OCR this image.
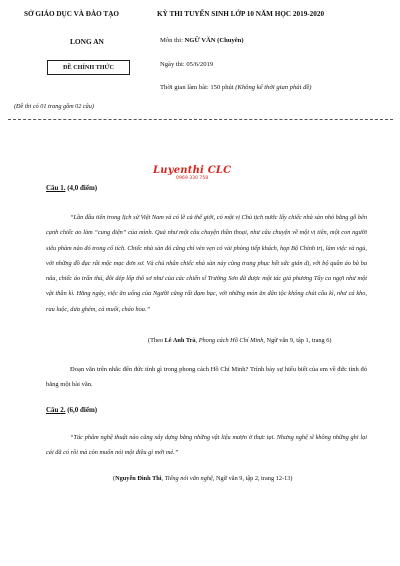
SỞ GIÁO DỤC VÀ ĐÀO TẠO	KỲ THI TUYỂN SINH LỚP 10 NĂM HỌC 2019-2020
LONG AN
ĐỀ CHÍNH THỨC
Môn thi: NGỮ VĂN (Chuyên)
Ngày thi: 05/6/2019
Thời gian làm bài: 150 phút (Không kể thời gian phát đề)
(Đề thi có 01 trang gồm 02 câu)
Luyenthi CLC
0969 330 758
Câu 1. (4,0 điểm)
“Lần đầu tiên trong lịch sử Việt Nam và có lẽ cả thế giới, có một vị Chủ tịch nước lấy chiếc nhà sàn nhỏ bằng gỗ bên cạnh chiếc ao làm “cung điện” của mình. Quả như một câu chuyện thần thoại, như câu chuyện về một vị tiên, một con người siêu phàm nào đó trong cổ tích. Chiếc nhà sàn đó cũng chỉ vẻn vẹn có vài phòng tiếp khách, họp Bộ Chính trị, làm việc và ngủ, với những đồ đạc rất mộc mạc đơn sơ. Và chủ nhân chiếc nhà sàn này cũng trang phục hết sức giản dị, với bộ quần áo bà ba nâu, chiếc áo trấn thủ, đôi dép lốp thô sơ như của các chiến sĩ Trường Sơn đã được một tác giả phương Tây ca ngợi như một vật thần kì. Hằng ngày, việc ăn uống của Người cũng rất đạm bạc, với những món ăn dân tộc không chút cầu kì, như cá kho, rau luộc, dưa ghém, cà muối, cháo hoa.”
(Theo Lê Anh Trà, Phong cách Hồ Chí Minh, Ngữ văn 9, tập 1, trang 6)
Đoạn văn trên nhắc đến đức tính gì trong phong cách Hồ Chí Minh? Trình bày sự hiểu biết của em về đức tính đó bằng một bài văn.
Câu 2. (6,0 điểm)
“Tác phẩm nghệ thuật nào cũng xây dựng bằng những vật liệu mượn ở thực tại. Nhưng nghệ sĩ không những ghi lại cái đã có rồi mà còn muốn nói một điều gì mới mẻ.”
(Nguyễn Đình Thi, Tiếng nói văn nghệ, Ngữ văn 9, tập 2, trang 12-13)
